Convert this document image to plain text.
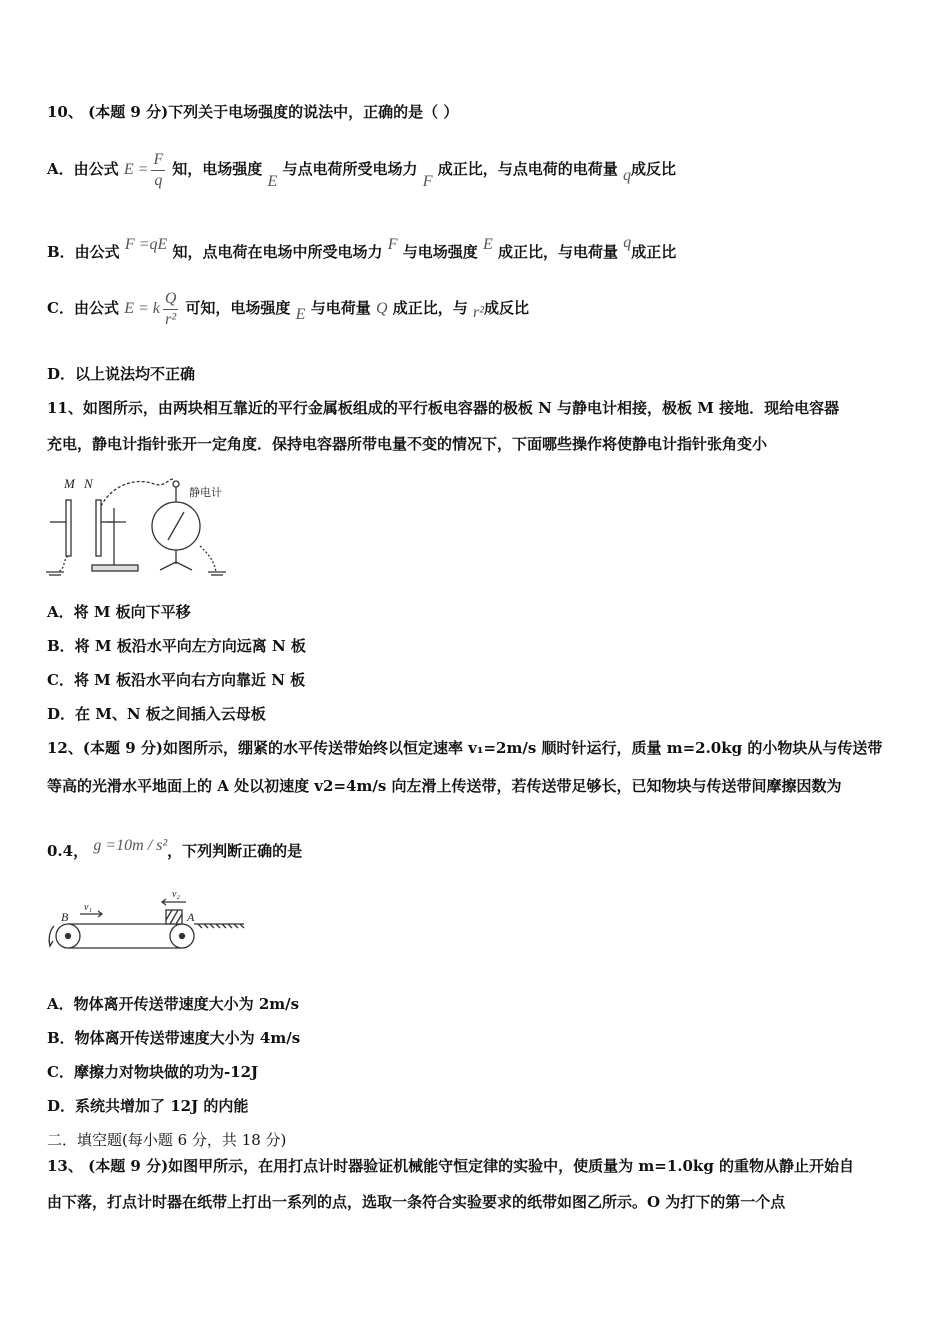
10、 (本题 9 分)下列关于电场强度的说法中，正确的是（ ）
A．由公式 $E = \frac{F}{q}$ 知，电场强度 E 与点电荷所受电场力 F 成正比，与点电荷的电荷量 q成反比
B．由公式 F =qE 知，点电荷在电场中所受电场力 F 与电场强度 E 成正比，与电荷量 q成正比
C．由公式 E = k $\frac{Q}{\text{r²}}$ 可知，电场强度 E 与电荷量 Q 成正比，与 r²成反比
D．以上说法均不正确
11、如图所示，由两块相互靠近的平行金属板组成的平行板电容器的极板 N 与静电计相接，极板 M 接地．现给电容器
充电，静电计指针张开一定角度．保持电容器所带电量不变的情况下，下面哪些操作将使静电计指针张角变小
M N
静电计
A．将 M 板向下平移
B．将 M 板沿水平向左方向远离 N 板
C．将 M 板沿水平向右方向靠近 N 板
D．在 M、N 板之间插入云母板
12、(本题 9 分)如图所示，绷紧的水平传送带始终以恒定速率 v₁=2m/s 顺时针运行，质量 m=2.0kg 的小物块从与传送带
等高的光滑水平地面上的 A 处以初速度 v2=4m/s 向左滑上传送带，若传送带足够长，已知物块与传送带间摩擦因数为
0.4， g =10m / s²，下列判断正确的是
B	A
v₁
v₂
A．物体离开传送带速度大小为 2m/s
B．物体离开传送带速度大小为 4m/s
C．摩擦力对物块做的功为-12J
D．系统共增加了 12J 的内能
二．填空题(每小题 6 分，共 18 分)
13、 (本题 9 分)如图甲所示，在用打点计时器验证机械能守恒定律的实验中，使质量为 m=1.0kg 的重物从静止开始自
由下落，打点计时器在纸带上打出一系列的点，选取一条符合实验要求的纸带如图乙所示。O 为打下的第一个点
